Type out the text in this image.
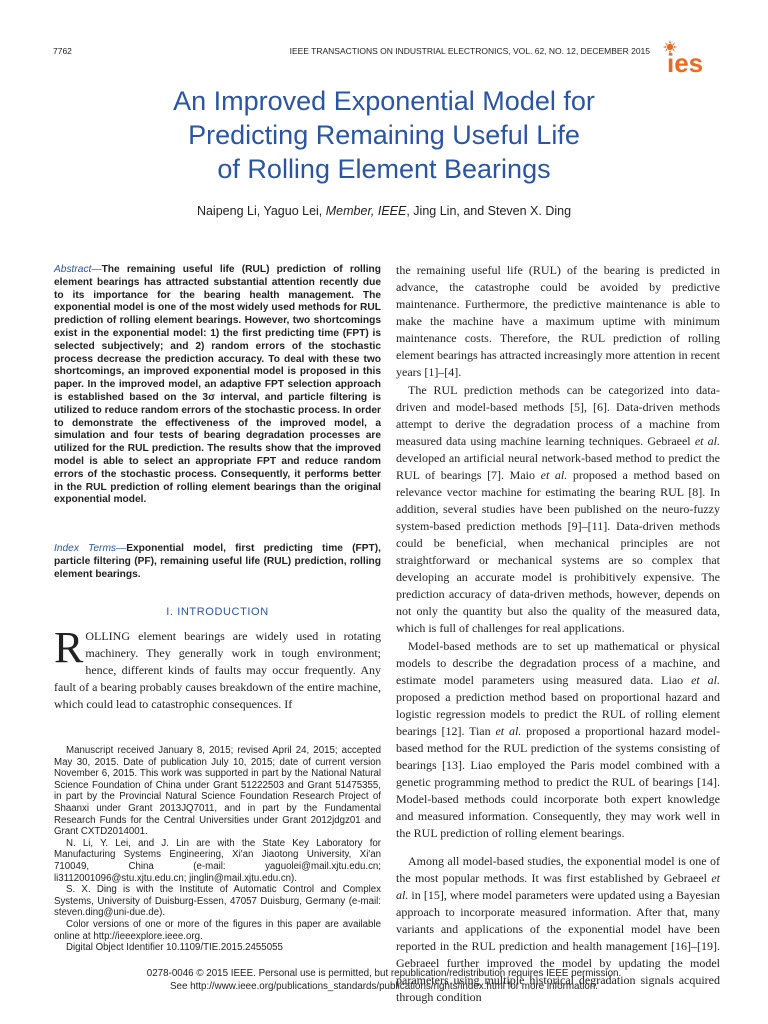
7762	IEEE TRANSACTIONS ON INDUSTRIAL ELECTRONICS, VOL. 62, NO. 12, DECEMBER 2015 ies
An Improved Exponential Model for
Predicting Remaining Useful Life
of Rolling Element Bearings
Naipeng Li, Yaguo Lei, Member, IEEE, Jing Lin, and Steven X. Ding
Abstract—The remaining useful life (RUL) prediction of rolling element bearings has attracted substantial attention recently due to its importance for the bearing health management. The exponential model is one of the most widely used methods for RUL prediction of rolling element bearings. However, two shortcomings exist in the exponential model: 1) the first predicting time (FPT) is selected subjectively; and 2) random errors of the stochastic process decrease the prediction accuracy. To deal with these two shortcomings, an improved exponential model is proposed in this paper. In the improved model, an adaptive FPT selection approach is established based on the 3σ interval, and particle filtering is utilized to reduce random errors of the stochastic process. In order to demonstrate the effectiveness of the improved model, a simulation and four tests of bearing degradation processes are utilized for the RUL prediction. The results show that the improved model is able to select an appropriate FPT and reduce random errors of the stochastic process. Consequently, it performs better in the RUL prediction of rolling element bearings than the original exponential model.
Index Terms—Exponential model, first predicting time (FPT), particle filtering (PF), remaining useful life (RUL) prediction, rolling element bearings.
I. INTRODUCTION
ROLLING element bearings are widely used in rotating machinery. They generally work in tough environment; hence, different kinds of faults may occur frequently. Any fault of a bearing probably causes breakdown of the entire machine, which could lead to catastrophic consequences. If

Manuscript received January 8, 2015; revised April 24, 2015; accepted May 30, 2015. Date of publication July 10, 2015; date of current version November 6, 2015. This work was supported in part by the National Natural Science Foundation of China under Grant 51222503 and Grant 51475355, in part by the Provincial Natural Science Foundation Research Project of Shaanxi under Grant 2013JQ7011, and in part by the Fundamental Research Funds for the Central Universities under Grant 2012jdgz01 and Grant CXTD2014001.

N. Li, Y. Lei, and J. Lin are with the State Key Laboratory for Manufacturing Systems Engineering, Xi'an Jiaotong University, Xi'an 710049, China (e-mail: yaguolei@mail.xjtu.edu.cn; li3112001096@stu.xjtu.edu.cn; jinglin@mail.xjtu.edu.cn).

S. X. Ding is with the Institute of Automatic Control and Complex Systems, University of Duisburg-Essen, 47057 Duisburg, Germany (e-mail: steven.ding@uni-due.de).

Color versions of one or more of the figures in this paper are available online at http://ieeexplore.ieee.org.

Digital Object Identifier 10.1109/TIE.2015.2455055

the remaining useful life (RUL) of the bearing is predicted in advance, the catastrophe could be avoided by predictive maintenance. Furthermore, the predictive maintenance is able to make the machine have a maximum uptime with minimum maintenance costs. Therefore, the RUL prediction of rolling element bearings has attracted increasingly more attention in recent years [1]–[4].

The RUL prediction methods can be categorized into data-driven and model-based methods [5], [6]. Data-driven methods attempt to derive the degradation process of a machine from measured data using machine learning techniques. Gebraeel et al. developed an artificial neural network-based method to predict the RUL of bearings [7]. Maio et al. proposed a method based on relevance vector machine for estimating the bearing RUL [8]. In addition, several studies have been published on the neuro-fuzzy system-based prediction methods [9]–[11]. Data-driven methods could be beneficial, when mechanical principles are not straightforward or mechanical systems are so complex that developing an accurate model is prohibitively expensive. The prediction accuracy of data-driven methods, however, depends on not only the quantity but also the quality of the measured data, which is full of challenges for real applications.

Model-based methods are to set up mathematical or physical models to describe the degradation process of a machine, and estimate model parameters using measured data. Liao et al. proposed a prediction method based on proportional hazard and logistic regression models to predict the RUL of rolling element bearings [12]. Tian et al. proposed a proportional hazard model-based method for the RUL prediction of the systems consisting of bearings [13]. Liao employed the Paris model combined with a genetic programming method to predict the RUL of bearings [14]. Model-based methods could incorporate both expert knowledge and measured information. Consequently, they may work well in the RUL prediction of rolling element bearings.

Among all model-based studies, the exponential model is one of the most popular methods. It was first established by Gebraeel et al. in [15], where model parameters were updated using a Bayesian approach to incorporate measured information. After that, many variants and applications of the exponential model have been reported in the RUL prediction and health management [16]–[19]. Gebraeel further improved the model by updating the model parameters using multiple historical degradation signals acquired through condition

0278-0046 © 2015 IEEE. Personal use is permitted, but republication/redistribution requires IEEE permission.
See http://www.ieee.org/publications_standards/publications/rights/index.html for more information.
